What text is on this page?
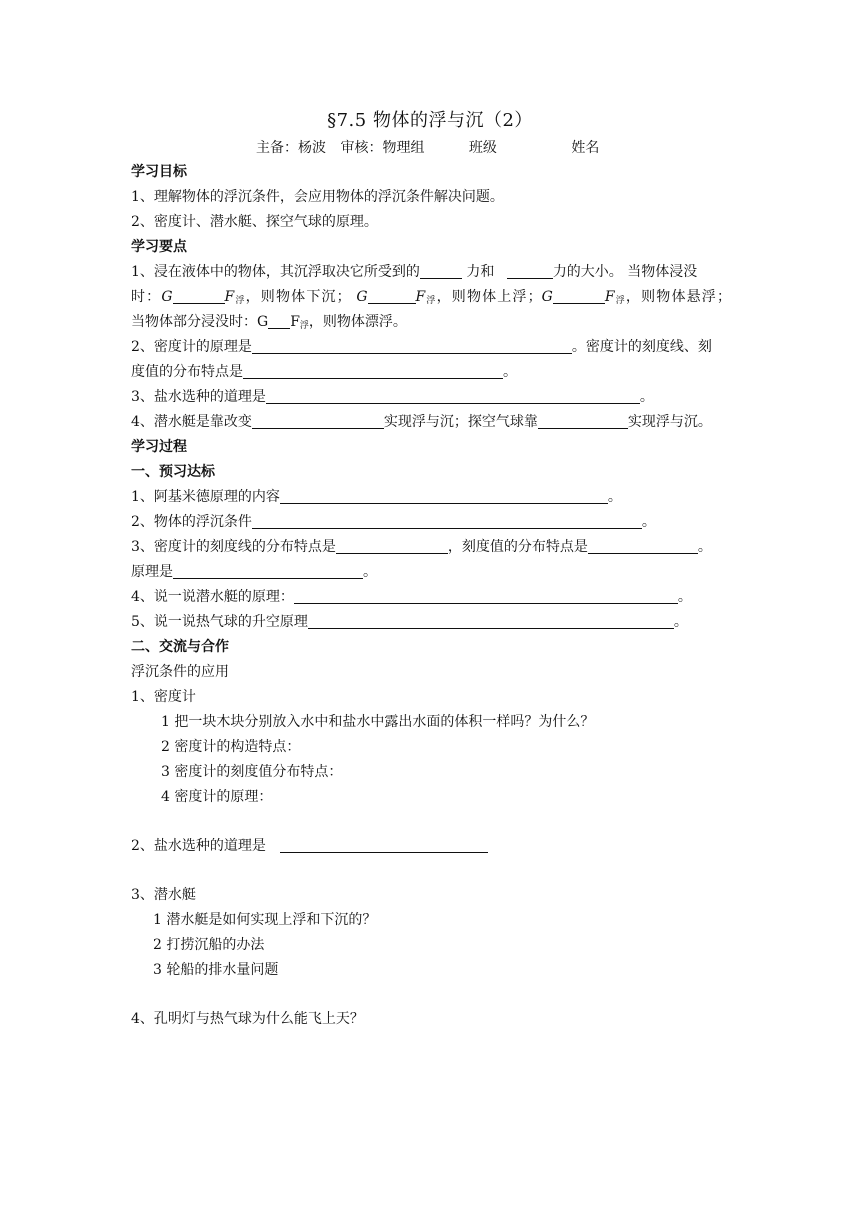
§7.5 物体的浮与沉（2）
主备：杨波 审核：物理组	班级	姓名
学习目标
1、理解物体的浮沉条件，会应用物体的浮沉条件解决问题。
2、密度计、潜水艇、探空气球的原理。
学习要点
1、浸在液体中的物体，其沉浮取决它所受到的	力和	力的大小。 当物体浸没
时：G	$F_浮$，则物体下沉； G	$F_浮$，则物体上浮；G	$F_浮$，则物体悬浮；
当物体部分浸没时：G $F_浮$，则物体漂浮。
2、密度计的原理是	。密度计的刻度线、刻
度值的分布特点是	。
3、盐水选种的道理是	。
4、潜水艇是靠改变	实现浮与沉；探空气球靠	实现浮与沉。
学习过程
一、预习达标
1、阿基米德原理的内容	。
2、物体的浮沉条件	。
3、密度计的刻度线的分布特点是	，刻度值的分布特点是	。
原理是	。
4、说一说潜水艇的原理：	。
5、说一说热气球的升空原理	。
二、交流与合作
浮沉条件的应用
1、密度计
1 把一块木块分别放入水中和盐水中露出水面的体积一样吗？为什么？
2 密度计的构造特点：
3 密度计的刻度值分布特点：
4 密度计的原理：
2、盐水选种的道理是
3、潜水艇
1 潜水艇是如何实现上浮和下沉的？
2 打捞沉船的办法
3 轮船的排水量问题
4、孔明灯与热气球为什么能飞上天？
